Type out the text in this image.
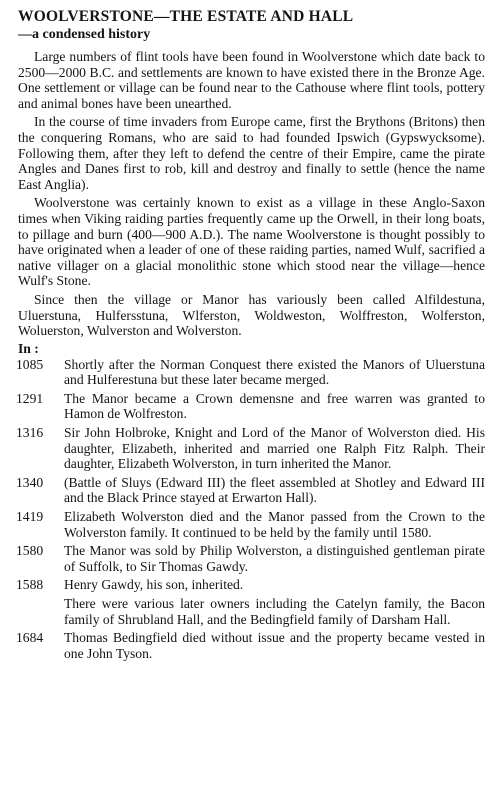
WOOLVERSTONE—THE ESTATE AND HALL
—a condensed history

Large numbers of flint tools have been found in Woolverstone which date back to 2500—2000 B.C. and settlements are known to have existed there in the Bronze Age. One settlement or village can be found near to the Cathouse where flint tools, pottery and animal bones have been unearthed.

In the course of time invaders from Europe came, first the Brythons (Britons) then the conquering Romans, who are said to had founded Ipswich (Gypswycksome). Following them, after they left to defend the centre of their Empire, came the pirate Angles and Danes first to rob, kill and destroy and finally to settle (hence the name East Anglia).

Woolverstone was certainly known to exist as a village in these Anglo-Saxon times when Viking raiding parties frequently came up the Orwell, in their long boats, to pillage and burn (400—900 A.D.). The name Woolverstone is thought possibly to have originated when a leader of one of these raiding parties, named Wulf, sacrified a native villager on a glacial monolithic stone which stood near the village—hence Wulf's Stone.

Since then the village or Manor has variously been called Alfildestuna, Uluerstuna, Hulfersstuna, Wlferston, Woldweston, Wolffreston, Wolferston, Woluerston, Wulverston and Wolverston.

In :
1085	Shortly after the Norman Conquest there existed the Manors of Uluerstuna and Hulferestuna but these later became merged.
1291	The Manor became a Crown demensne and free warren was granted to Hamon de Wolfreston.
1316	Sir John Holbroke, Knight and Lord of the Manor of Wolverston died. His daughter, Elizabeth, inherited and married one Ralph Fitz Ralph. Their daughter, Elizabeth Wolverston, in turn inherited the Manor.
1340	(Battle of Sluys (Edward III) the fleet assembled at Shotley and Edward III and the Black Prince stayed at Erwarton Hall).
1419	Elizabeth Wolverston died and the Manor passed from the Crown to the Wolverston family. It continued to be held by the family until 1580.
1580	The Manor was sold by Philip Wolverston, a distinguished gentleman pirate of Suffolk, to Sir Thomas Gawdy.
1588	Henry Gawdy, his son, inherited.
There were various later owners including the Catelyn family, the Bacon family of Shrubland Hall, and the Bedingfield family of Darsham Hall.
1684	Thomas Bedingfield died without issue and the property became vested in one John Tyson.
